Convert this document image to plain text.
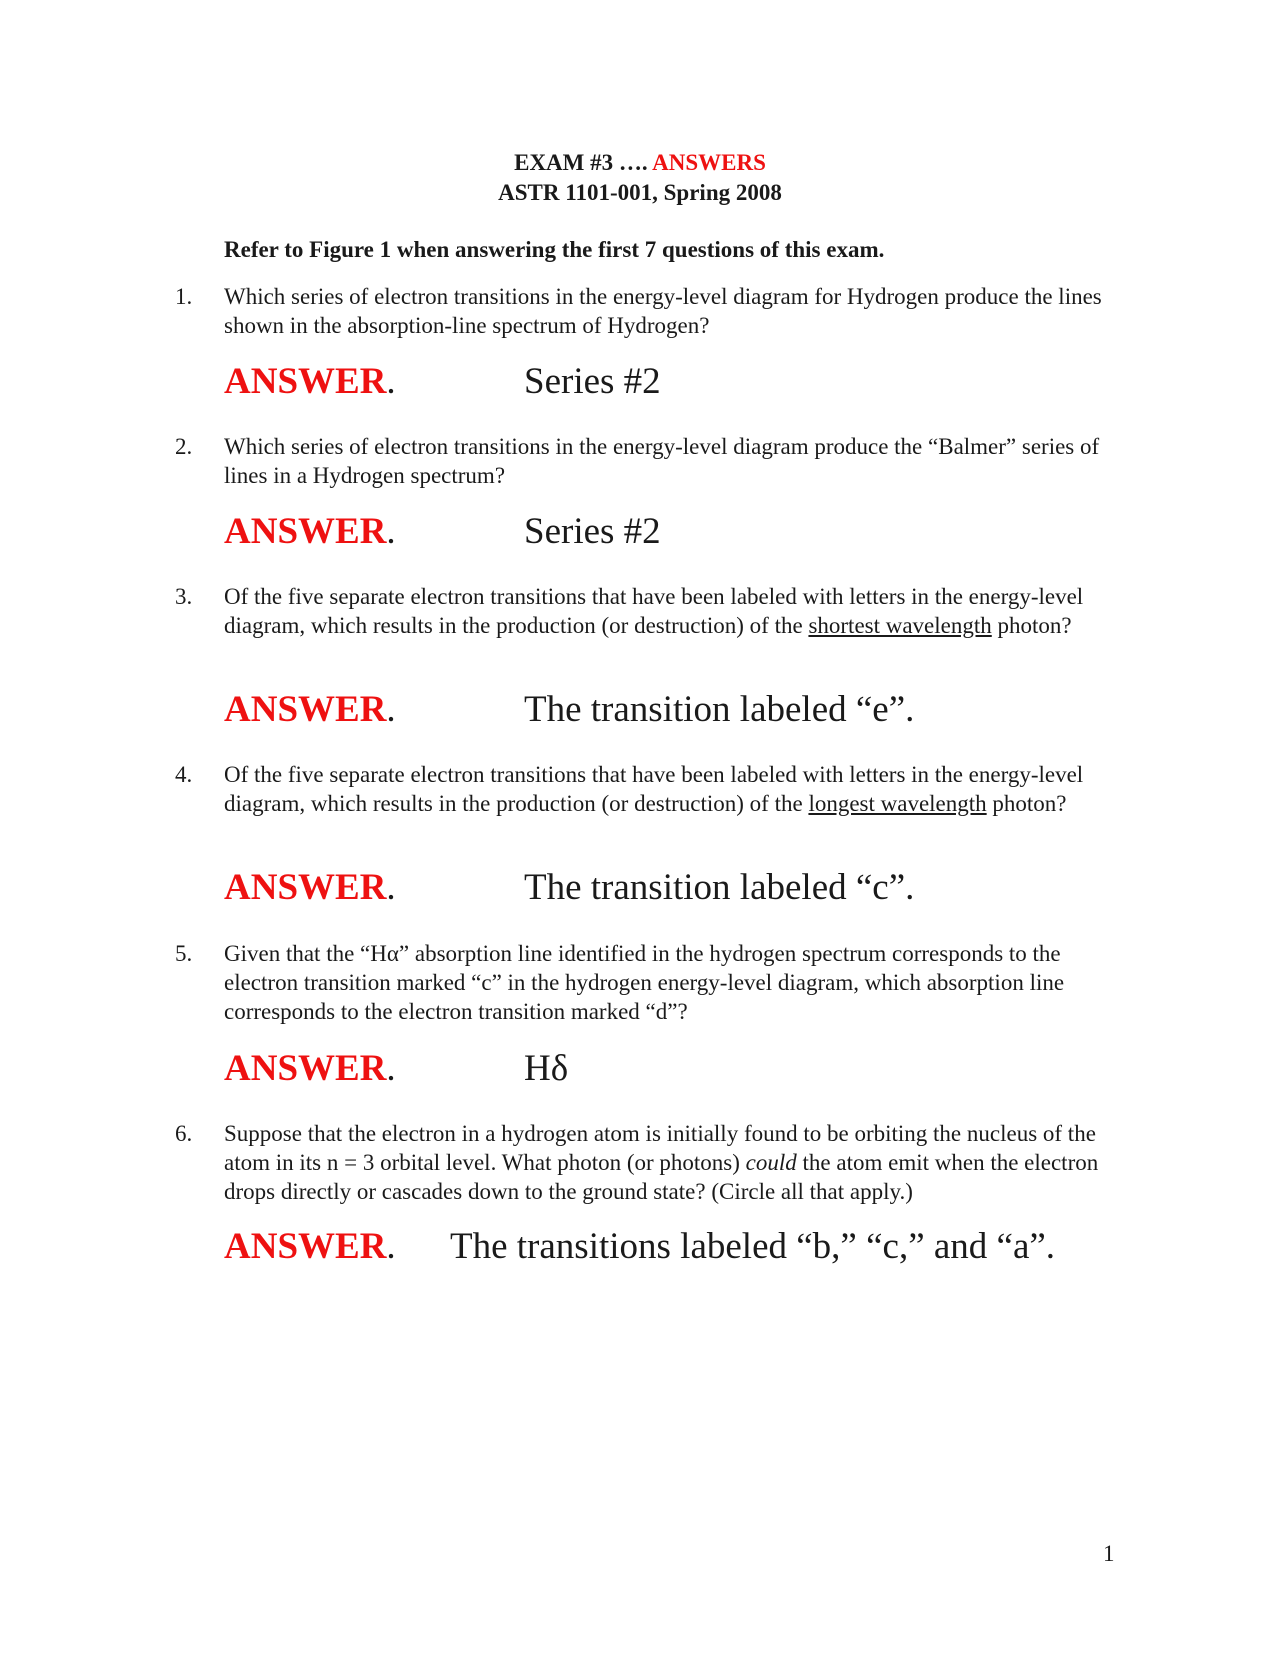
EXAM #3 …. ANSWERS
ASTR 1101-001, Spring 2008
Refer to Figure 1 when answering the first 7 questions of this exam.
1. Which series of electron transitions in the energy-level diagram for Hydrogen produce the lines shown in the absorption-line spectrum of Hydrogen?
ANSWER.	Series #2
2. Which series of electron transitions in the energy-level diagram produce the “Balmer” series of lines in a Hydrogen spectrum?
ANSWER.	Series #2
3. Of the five separate electron transitions that have been labeled with letters in the energy-level diagram, which results in the production (or destruction) of the shortest wavelength photon?
ANSWER.	The transition labeled “e”.
4. Of the five separate electron transitions that have been labeled with letters in the energy-level diagram, which results in the production (or destruction) of the longest wavelength photon?
ANSWER.	The transition labeled “c”.
5. Given that the “Hα” absorption line identified in the hydrogen spectrum corresponds to the electron transition marked “c” in the hydrogen energy-level diagram, which absorption line corresponds to the electron transition marked “d”?
ANSWER.	Hδ
6. Suppose that the electron in a hydrogen atom is initially found to be orbiting the nucleus of the atom in its n = 3 orbital level. What photon (or photons) could the atom emit when the electron drops directly or cascades down to the ground state? (Circle all that apply.)
ANSWER. The transitions labeled “b,” “c,” and “a”.
1
